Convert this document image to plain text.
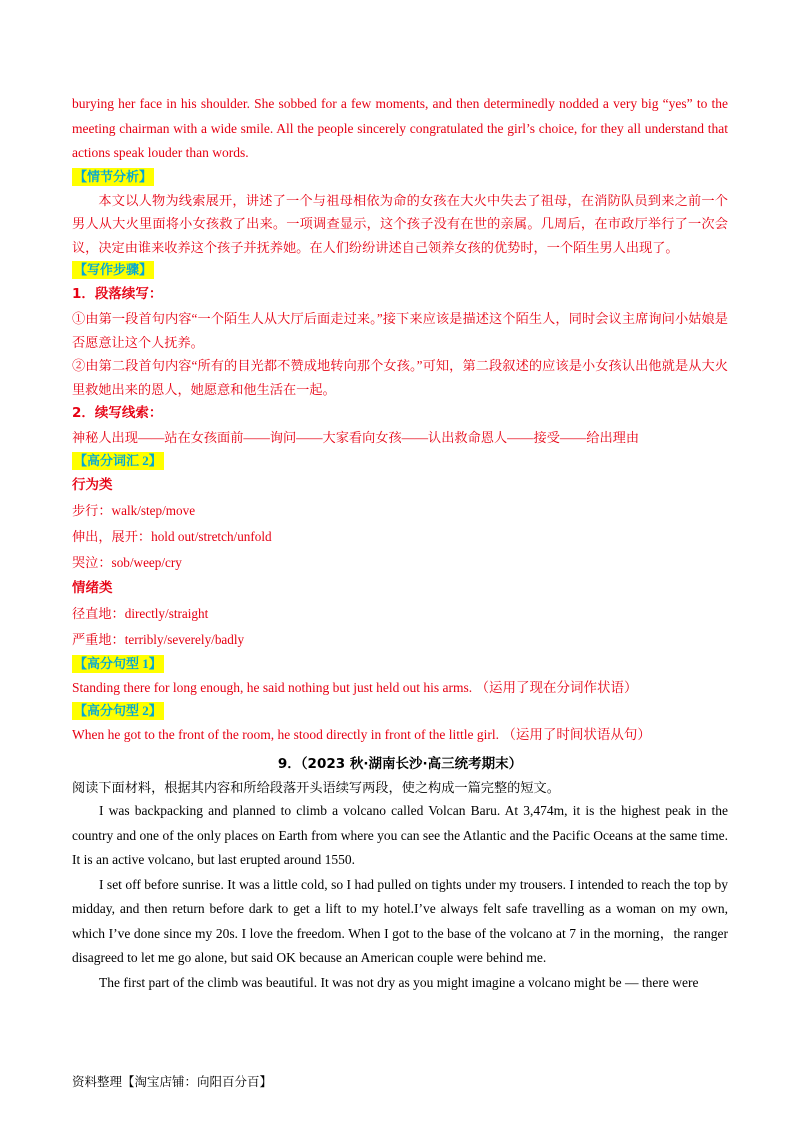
burying her face in his shoulder. She sobbed for a few moments, and then determinedly nodded a very big “yes” to the meeting chairman with a wide smile. All the people sincerely congratulated the girl’s choice, for they all understand that actions speak louder than words.

【情节分析】

本文以人物为线索展开，讲述了一个与祖母相依为命的女孩在大火中失去了祖母，在消防队员到来之前一个男人从大火里面将小女孩救了出来。一项调查显示，这个孩子没有在世的亲属。几周后，在市政厅举行了一次会议，决定由谁来收养这个孩子并抚养她。在人们纷纷讲述自己领养女孩的优势时，一个陌生男人出现了。

【写作步骤】

1．段落续写：

①由第一段首句内容“一个陌生人从大厅后面走过来。”接下来应该是描述这个陌生人，同时会议主席询问小姑娘是否愿意让这个人抚养。

②由第二段首句内容“所有的目光都不赞成地转向那个女孩。”可知，第二段叙述的应该是小女孩认出他就是从大火里救她出来的恩人，她愿意和他生活在一起。

2．续写线索：

神秘人出现——站在女孩面前——询问——大家看向女孩——认出救命恩人——接受——给出理由

【高分词汇 2】

行为类

步行：walk/step/move

伸出，展开：hold out/stretch/unfold

哭泣：sob/weep/cry

情绪类

径直地：directly/straight

严重地：terribly/severely/badly

【高分句型 1】

Standing there for long enough, he said nothing but just held out his arms. （运用了现在分词作状语）

【高分句型 2】

When he got to the front of the room, he stood directly in front of the little girl. （运用了时间状语从句）

9．（2023 秋·湖南长沙·高三统考期末）

阅读下面材料，根据其内容和所给段落开头语续写两段，使之构成一篇完整的短文。

I was backpacking and planned to climb a volcano called Volcan Baru. At 3,474m, it is the highest peak in the country and one of the only places on Earth from where you can see the Atlantic and the Pacific Oceans at the same time. It is an active volcano, but last erupted around 1550.

I set off before sunrise. It was a little cold, so I had pulled on tights under my trousers. I intended to reach the top by midday, and then return before dark to get a lift to my hotel.I’ve always felt safe travelling as a woman on my own, which I’ve done since my 20s. I love the freedom. When I got to the base of the volcano at 7 in the morning，the ranger disagreed to let me go alone, but said OK because an American couple were behind me.

The first part of the climb was beautiful. It was not dry as you might imagine a volcano might be — there were

资料整理【淘宝店铺：向阳百分百】
